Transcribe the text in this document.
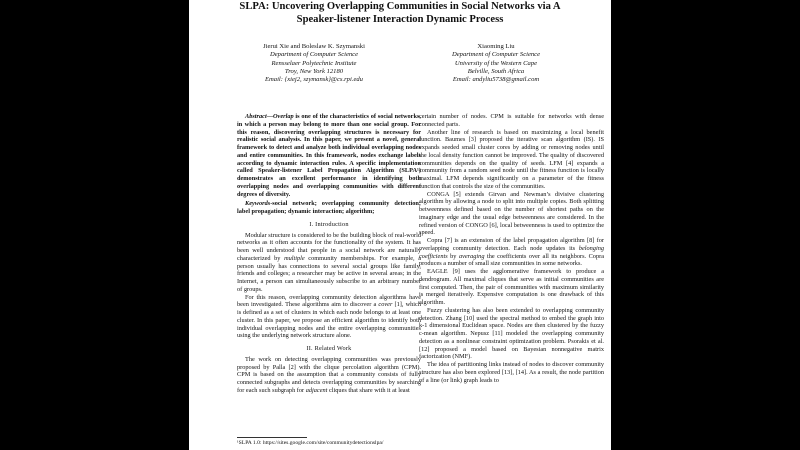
SLPA: Uncovering Overlapping Communities in Social Networks via A
Speaker-listener Interaction Dynamic Process
Jierui Xie and Boleslaw K. Szymanski
Department of Computer Science
Rensselaer Polytechnic Institute
Troy, New York 12180
Email: {xiej2, szymansk}@cs.rpi.edu
Xiaoming Liu
Department of Computer Science
University of the Western Cape
Belville, South Africa
Email: andyliu5738@gmail.com

Abstract—Overlap is one of the characteristics of social networks, in which a person may belong to more than one social group. For this reason, discovering overlapping structures is necessary for realistic social analysis. In this paper, we present a novel, general framework to detect and analyze both individual overlapping nodes and entire communities. In this framework, nodes exchange labels according to dynamic interaction rules. A specific implementation called Speaker-listener Label Propagation Algorithm (SLPA¹) demonstrates an excellent performance in identifying both overlapping nodes and overlapping communities with different degrees of diversity.

Keywords-social network; overlapping community detection; label propagation; dynamic interaction; algorithm;

I. Introduction

Modular structure is considered to be the building block of real-world networks as it often accounts for the functionality of the system. It has been well understood that people in a social network are naturally characterized by multiple community memberships. For example, a person usually has connections to several social groups like family, friends and colleges; a researcher may be active in several areas; in the Internet, a person can simultaneously subscribe to an arbitrary number of groups.

For this reason, overlapping community detection algorithms have been investigated. These algorithms aim to discover a cover [1], which is defined as a set of clusters in which each node belongs to at least one cluster. In this paper, we propose an efficient algorithm to identify both individual overlapping nodes and the entire overlapping communities using the underlying network structure alone.

II. Related Work

The work on detecting overlapping communities was previously proposed by Palla [2] with the clique percolation algorithm (CPM). CPM is based on the assumption that a community consists of fully connected subgraphs and detects overlapping communities by searching for each such subgraph for adjacent cliques that share with it at least

¹SLPA 1.0: https://sites.google.com/site/communitydetectionslpa/

certain number of nodes. CPM is suitable for networks with dense connected parts.

Another line of research is based on maximizing a local benefit function. Baumes [3] proposed the iterative scan algorithm (IS). IS expands seeded small cluster cores by adding or removing nodes until the local density function cannot be improved. The quality of discovered communities depends on the quality of seeds. LFM [4] expands a community from a random seed node until the fitness function is locally maximal. LFM depends significantly on a parameter of the fitness function that controls the size of the communities.

CONGA [5] extends Girvan and Newman’s divisive clustering algorithm by allowing a node to split into multiple copies. Both splitting betweenness defined based on the number of shortest paths on the imaginary edge and the usual edge betweenness are considered. In the refined version of CONGO [6], local betweenness is used to optimize the speed.

Copra [7] is an extension of the label propagation algorithm [8] for overlapping community detection. Each node updates its belonging coefficients by averaging the coefficients over all its neighbors. Copra produces a number of small size communities in some networks.

EAGLE [9] uses the agglomerative framework to produce a dendrogram. All maximal cliques that serve as initial communities are first computed. Then, the pair of communities with maximum similarity is merged iteratively. Expensive computation is one drawback of this algorithm.

Fuzzy clustering has also been extended to overlapping community detection. Zhang [10] used the spectral method to embed the graph into k-1 dimensional Euclidean space. Nodes are then clustered by the fuzzy c-mean algorithm. Nepusz [11] modeled the overlapping community detection as a nonlinear constraint optimization problem. Psorakis et al. [12] proposed a model based on Bayesian nonnegative matrix factorization (NMF).

The idea of partitioning links instead of nodes to discover community structure has also been explored [13], [14]. As a result, the node partition of a line (or link) graph leads to
